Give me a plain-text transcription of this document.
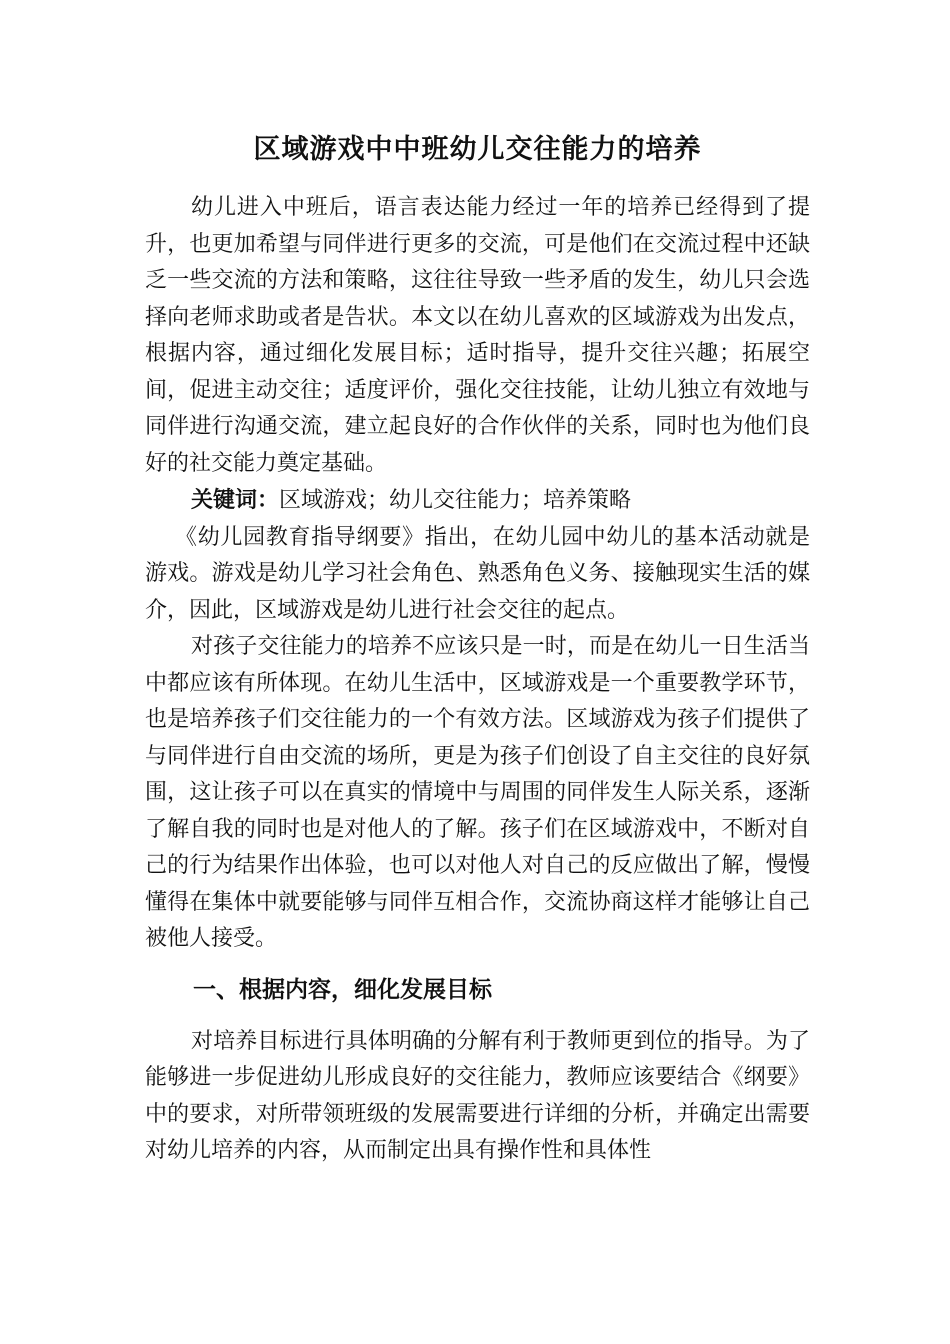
区域游戏中中班幼儿交往能力的培养

幼儿进入中班后，语言表达能力经过一年的培养已经得到了提升，也更加希望与同伴进行更多的交流，可是他们在交流过程中还缺乏一些交流的方法和策略，这往往导致一些矛盾的发生，幼儿只会选择向老师求助或者是告状。本文以在幼儿喜欢的区域游戏为出发点，根据内容，通过细化发展目标；适时指导，提升交往兴趣；拓展空间，促进主动交往；适度评价，强化交往技能，让幼儿独立有效地与同伴进行沟通交流，建立起良好的合作伙伴的关系，同时也为他们良好的社交能力奠定基础。

关键词：区域游戏；幼儿交往能力；培养策略

《幼儿园教育指导纲要》指出，在幼儿园中幼儿的基本活动就是游戏。游戏是幼儿学习社会角色、熟悉角色义务、接触现实生活的媒介，因此，区域游戏是幼儿进行社会交往的起点。

对孩子交往能力的培养不应该只是一时，而是在幼儿一日生活当中都应该有所体现。在幼儿生活中，区域游戏是一个重要教学环节，也是培养孩子们交往能力的一个有效方法。区域游戏为孩子们提供了与同伴进行自由交流的场所，更是为孩子们创设了自主交往的良好氛围，这让孩子可以在真实的情境中与周围的同伴发生人际关系，逐渐了解自我的同时也是对他人的了解。孩子们在区域游戏中，不断对自己的行为结果作出体验，也可以对他人对自己的反应做出了解，慢慢懂得在集体中就要能够与同伴互相合作，交流协商这样才能够让自己被他人接受。

一、根据内容，细化发展目标

对培养目标进行具体明确的分解有利于教师更到位的指导。为了能够进一步促进幼儿形成良好的交往能力，教师应该要结合《纲要》中的要求，对所带领班级的发展需要进行详细的分析，并确定出需要对幼儿培养的内容，从而制定出具有操作性和具体性
